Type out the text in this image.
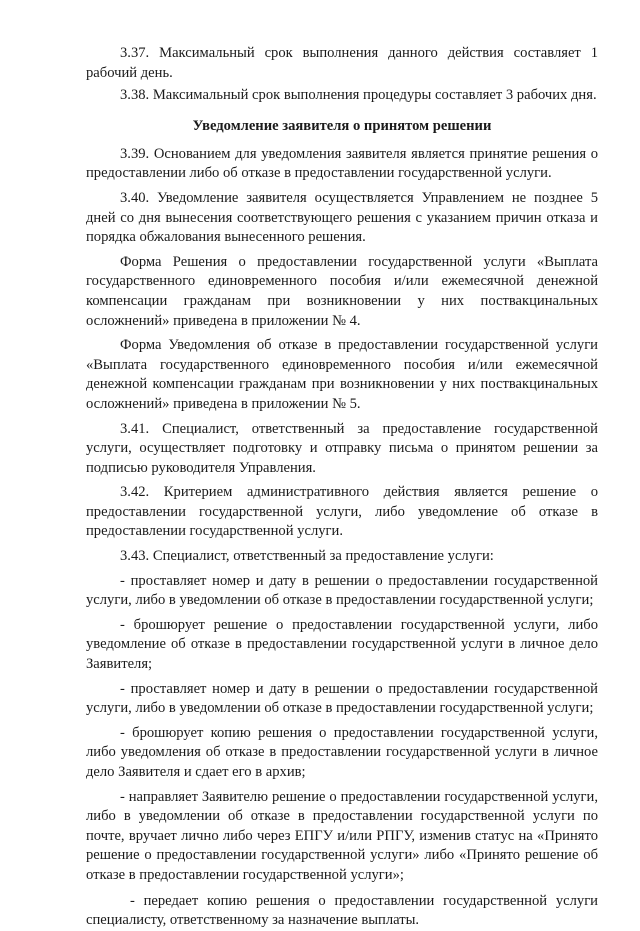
3.37. Максимальный срок выполнения данного действия составляет 1 рабочий день.

3.38. Максимальный срок выполнения процедуры составляет 3 рабочих дня.

Уведомление заявителя о принятом решении

3.39. Основанием для уведомления заявителя является принятие решения о предоставлении либо об отказе в предоставлении государственной услуги.

3.40. Уведомление заявителя осуществляется Управлением не позднее 5 дней со дня вынесения соответствующего решения с указанием причин отказа и порядка обжалования вынесенного решения.

Форма Решения о предоставлении государственной услуги «Выплата государственного единовременного пособия и/или ежемесячной денежной компенсации гражданам при возникновении у них поствакцинальных осложнений» приведена в приложении № 4.

Форма Уведомления об отказе в предоставлении государственной услуги «Выплата государственного единовременного пособия и/или ежемесячной денежной компенсации гражданам при возникновении у них поствакцинальных осложнений» приведена в приложении № 5.

3.41. Специалист, ответственный за предоставление государственной услуги, осуществляет подготовку и отправку письма о принятом решении за подписью руководителя Управления.

3.42. Критерием административного действия является решение о предоставлении государственной услуги, либо уведомление об отказе в предоставлении государственной услуги.

3.43. Специалист, ответственный за предоставление услуги:

- проставляет номер и дату в решении о предоставлении государственной услуги, либо в уведомлении об отказе в предоставлении государственной услуги;

- брошюрует решение о предоставлении государственной услуги, либо уведомление об отказе в предоставлении государственной услуги в личное дело Заявителя;

- проставляет номер и дату в решении о предоставлении государственной услуги, либо в уведомлении об отказе в предоставлении государственной услуги;

- брошюрует копию решения о предоставлении государственной услуги, либо уведомления об отказе в предоставлении государственной услуги в личное дело Заявителя и сдает его в архив;

- направляет Заявителю решение о предоставлении государственной услуги, либо в уведомлении об отказе в предоставлении государственной услуги по почте, вручает лично либо через ЕПГУ и/или РПГУ, изменив статус на «Принято решение о предоставлении государственной услуги» либо «Принято решение об отказе в предоставлении государственной услуги»;

- передает копию решения о предоставлении государственной услуги специалисту, ответственному за назначение выплаты.
